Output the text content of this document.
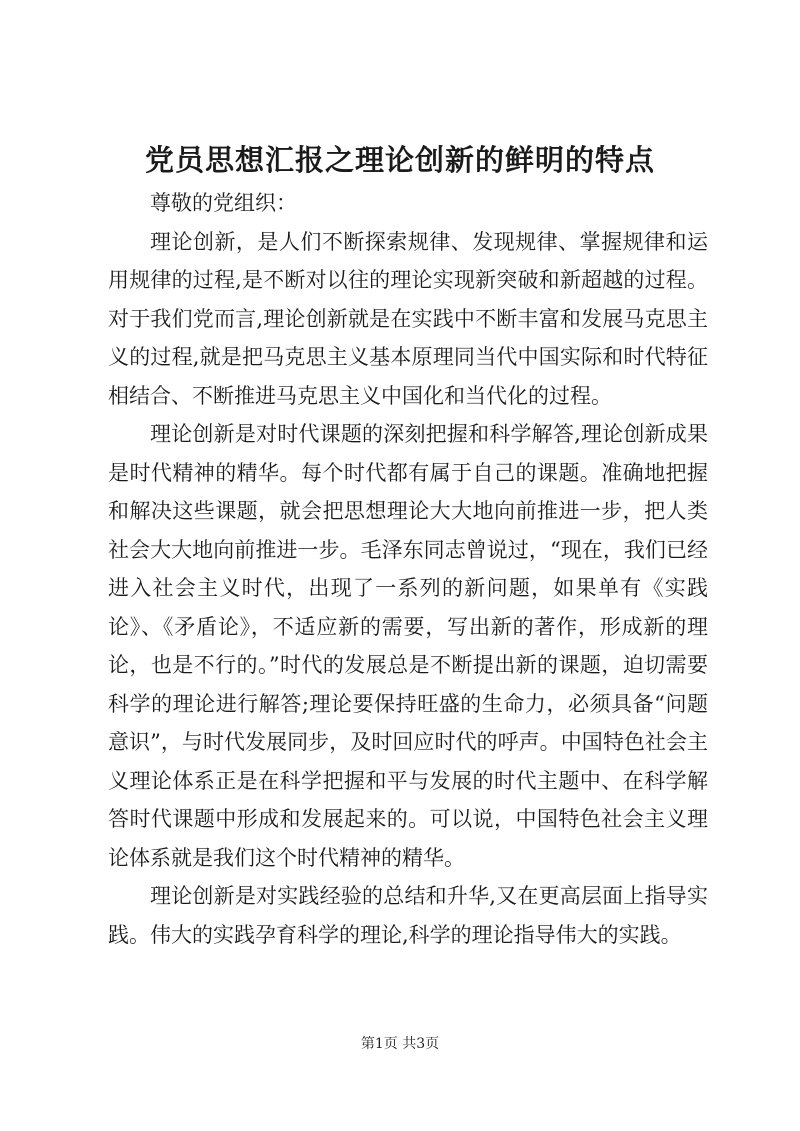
党员思想汇报之理论创新的鲜明的特点

尊敬的党组织：

理论创新，是人们不断探索规律、发现规律、掌握规律和运用规律的过程,是不断对以往的理论实现新突破和新超越的过程。对于我们党而言,理论创新就是在实践中不断丰富和发展马克思主义的过程,就是把马克思主义基本原理同当代中国实际和时代特征相结合、不断推进马克思主义中国化和当代化的过程。

理论创新是对时代课题的深刻把握和科学解答,理论创新成果是时代精神的精华。每个时代都有属于自己的课题。准确地把握和解决这些课题，就会把思想理论大大地向前推进一步，把人类社会大大地向前推进一步。毛泽东同志曾说过，“现在，我们已经进入社会主义时代，出现了一系列的新问题，如果单有《实践论》、《矛盾论》，不适应新的需要，写出新的著作，形成新的理论，也是不行的。”时代的发展总是不断提出新的课题，迫切需要科学的理论进行解答;理论要保持旺盛的生命力，必须具备“问题意识”，与时代发展同步，及时回应时代的呼声。中国特色社会主义理论体系正是在科学把握和平与发展的时代主题中、在科学解答时代课题中形成和发展起来的。可以说，中国特色社会主义理论体系就是我们这个时代精神的精华。

理论创新是对实践经验的总结和升华,又在更高层面上指导实践。伟大的实践孕育科学的理论,科学的理论指导伟大的实践。

第1页 共3页
